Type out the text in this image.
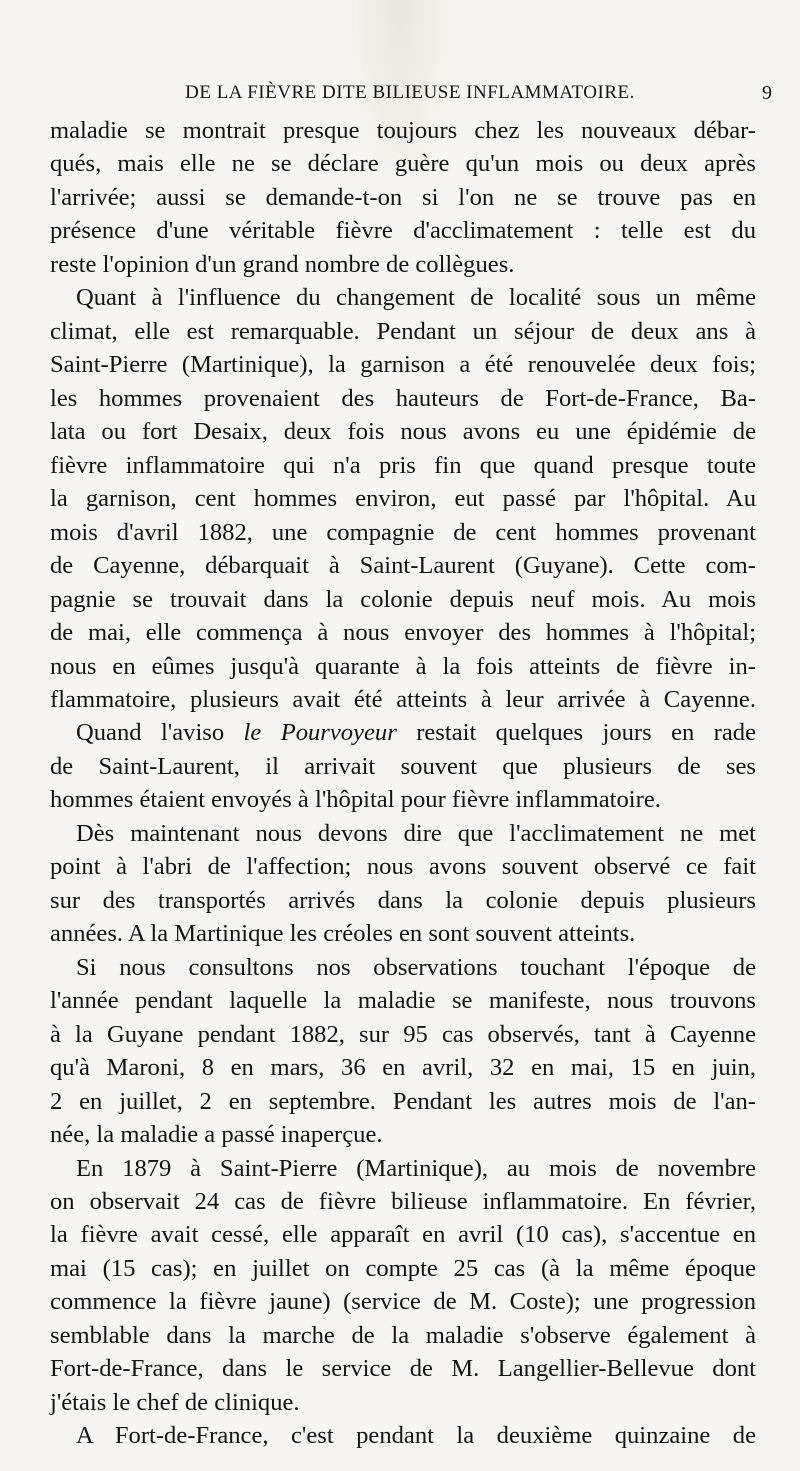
DE LA FIÈVRE DITE BILIEUSE INFLAMMATOIRE.	9
maladie se montrait presque toujours chez les nouveaux débar-
qués, mais elle ne se déclare guère qu'un mois ou deux après
l'arrivée; aussi se demande-t-on si l'on ne se trouve pas en
présence d'une véritable fièvre d'acclimatement : telle est du
reste l'opinion d'un grand nombre de collègues.
Quant à l'influence du changement de localité sous un même
climat, elle est remarquable. Pendant un séjour de deux ans à
Saint-Pierre (Martinique), la garnison a été renouvelée deux fois;
les hommes provenaient des hauteurs de Fort-de-France, Ba-
lata ou fort Desaix, deux fois nous avons eu une épidémie de
fièvre inflammatoire qui n'a pris fin que quand presque toute
la garnison, cent hommes environ, eut passé par l'hôpital. Au
mois d'avril 1882, une compagnie de cent hommes provenant
de Cayenne, débarquait à Saint-Laurent (Guyane). Cette com-
pagnie se trouvait dans la colonie depuis neuf mois. Au mois
de mai, elle commença à nous envoyer des hommes à l'hôpital;
nous en eûmes jusqu'à quarante à la fois atteints de fièvre in-
flammatoire, plusieurs avait été atteints à leur arrivée à Cayenne.
Quand l'aviso le Pourvoyeur restait quelques jours en rade
de Saint-Laurent, il arrivait souvent que plusieurs de ses
hommes étaient envoyés à l'hôpital pour fièvre inflammatoire.
Dès maintenant nous devons dire que l'acclimatement ne met
point à l'abri de l'affection; nous avons souvent observé ce fait
sur des transportés arrivés dans la colonie depuis plusieurs
années. A la Martinique les créoles en sont souvent atteints.
Si nous consultons nos observations touchant l'époque de
l'année pendant laquelle la maladie se manifeste, nous trouvons
à la Guyane pendant 1882, sur 95 cas observés, tant à Cayenne
qu'à Maroni, 8 en mars, 36 en avril, 32 en mai, 15 en juin,
2 en juillet, 2 en septembre. Pendant les autres mois de l'an-
née, la maladie a passé inaperçue.
En 1879 à Saint-Pierre (Martinique), au mois de novembre
on observait 24 cas de fièvre bilieuse inflammatoire. En février,
la fièvre avait cessé, elle apparaît en avril (10 cas), s'accentue en
mai (15 cas); en juillet on compte 25 cas (à la même époque
commence la fièvre jaune) (service de M. Coste); une progression
semblable dans la marche de la maladie s'observe également à
Fort-de-France, dans le service de M. Langellier-Bellevue dont
j'étais le chef de clinique.
A Fort-de-France, c'est pendant la deuxième quinzaine de
